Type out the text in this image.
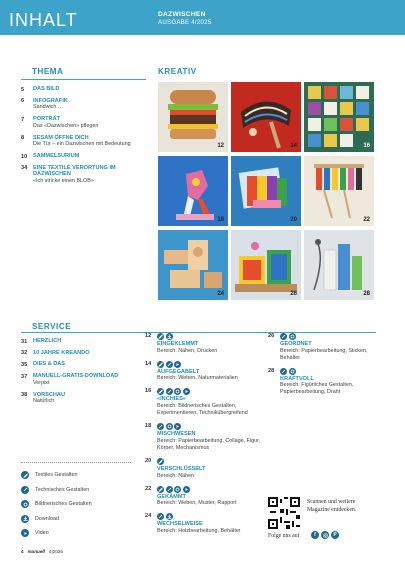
INHALT	DAZWISCHEN
AUSGABE 4/2025
THEMA
5	DAS BILD
6	INFOGRAFIK
Sandwich …
7	PORTRÄT
Das «Dazwischen» pflegen
8	SESAM ÖFFNE DICH
Die Tür – ein Dazwischen mit Bedeutung
10	SAMMELSURIUM
34	EINE TEXTILE VERORTUNG IM DAZWISCHEN
«Ich stricke einen BLOB»
KREATIV
12	14	16
18	20	22
24	26	28
SERVICE
31	HERZLICH
32	10 JAHRE KREANDO
35	DIES & DAS
37	MANUELL-GRATIS-DOWNLOAD
Verpixt
38	VORSCHAU
Natürlich
12
EINGEKLEMMT
Bereich: Nähen, Drucken
14
AUFGEGABELT
Bereich: Weben, Naturmaterialien
16
«INCHIES»
Bereich: Bildnerisches Gestalten, Experimentieren, Technikübergreifend
18
MISCHWESEN
Bereich: Papierbearbeitung, Collage, Figur, Körper, Mechanismus
20
VERSCHLÜSSELT
Bereich: Nähen
22
GEKÄMMT
Bereich: Weben, Muster, Rapport
24
WECHSELWEISE
Bereich: Holzbearbeitung, Behälter
26
GEORDNET
Bereich: Papierbearbeitung, Sticken, Behälter
28
KRAFTVOLL
Bereich: Figürliches Gestalten, Papierbearbeitung, Draht
Textiles Gestalten
Technisches Gestalten
Bildnerisches Gestalten
Download
Video
Scannen und weitere Magazine entdecken.
Folge uns auf	f	P
4 manuell 4|2025
